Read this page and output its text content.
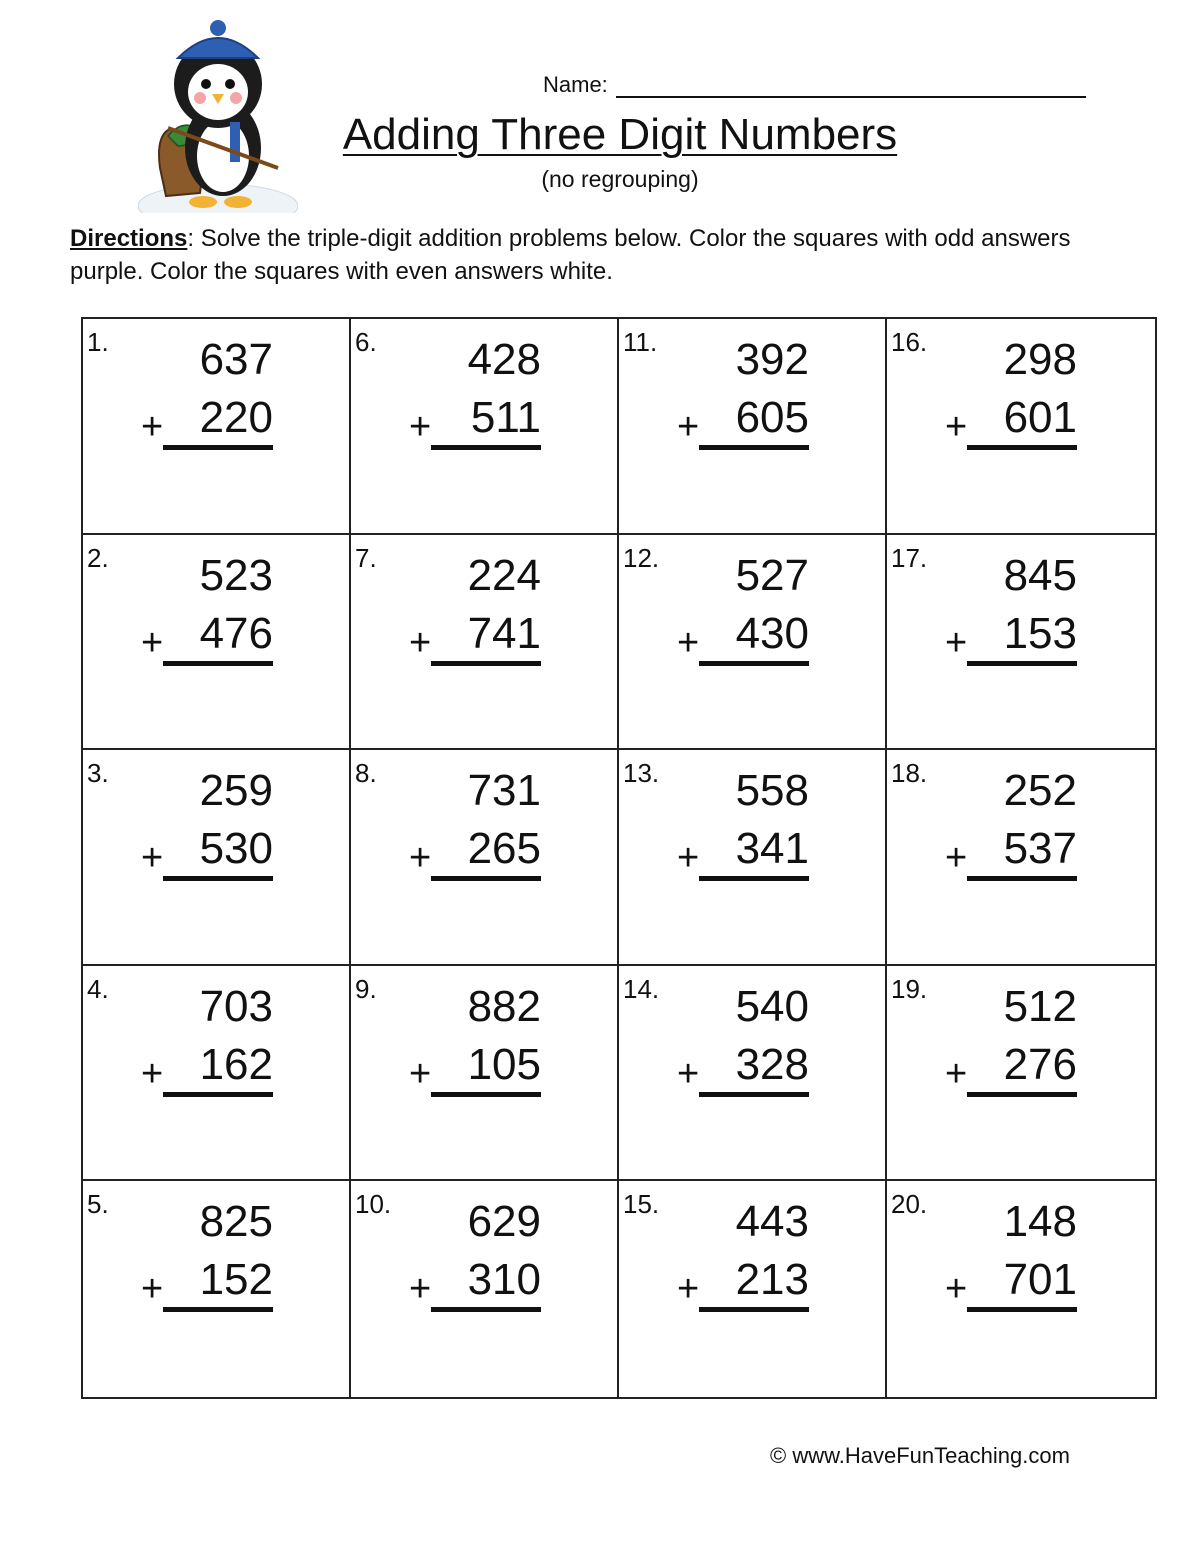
Name:
Adding Three Digit Numbers
(no regrouping)
Directions: Solve the triple-digit addition problems below. Color the squares with odd answers purple. Color the squares with even answers white.
1.	637
+ 220
6.	428
+ 511
11.	392
+ 605
16.	298
+ 601
2.	523
+ 476
7.	224
+ 741
12.	527
+ 430
17.	845
+ 153
3.	259
+ 530
8.	731
+ 265
13.	558
+ 341
18.	252
+ 537
4.	703
+ 162
9.	882
+ 105
14.	540
+ 328
19.	512
+ 276
5.	825
+ 152
10.	629
+ 310
15.	443
+ 213
20.	148
+ 701
© www.HaveFunTeaching.com
